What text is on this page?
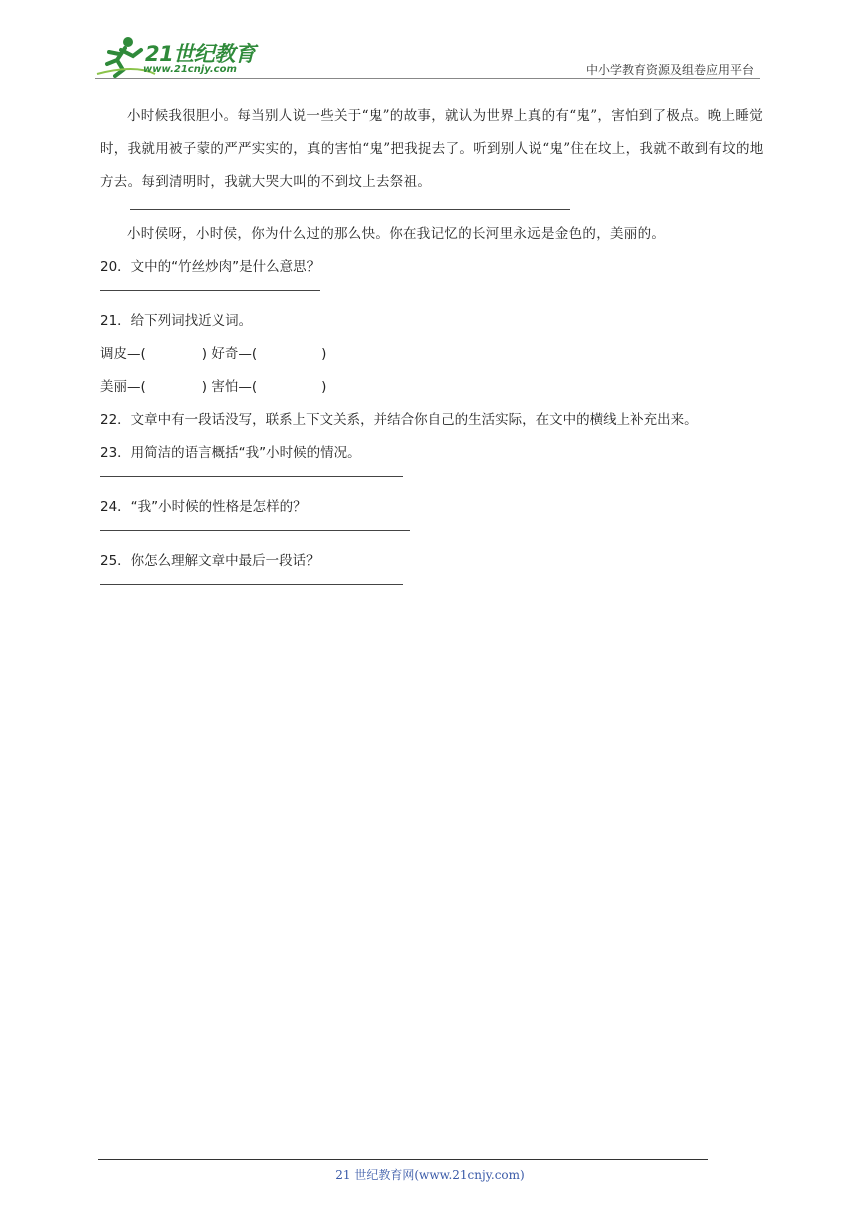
21世纪教育
www.21cnjy.com	中小学教育资源及组卷应用平台

小时候我很胆小。每当别人说一些关于“鬼”的故事，就认为世界上真的有“鬼”，害怕到了极点。晚上睡觉时，我就用被子蒙的严严实实的，真的害怕“鬼”把我捉去了。听到别人说“鬼”住在坟上，我就不敢到有坟的地方去。每到清明时，我就大哭大叫的不到坟上去祭祖。

小时侯呀，小时侯，你为什么过的那么快。你在我记忆的长河里永远是金色的，美丽的。

20．文中的“竹丝炒肉”是什么意思？

21．给下列词找近义词。

调皮—(	) 好奇—(	)

美丽—(	) 害怕—(	)

22．文章中有一段话没写，联系上下文关系，并结合你自己的生活实际，在文中的横线上补充出来。

23．用简洁的语言概括“我”小时候的情况。

24．“我”小时候的性格是怎样的？

25．你怎么理解文章中最后一段话？

21 世纪教育网(www.21cnjy.com)
